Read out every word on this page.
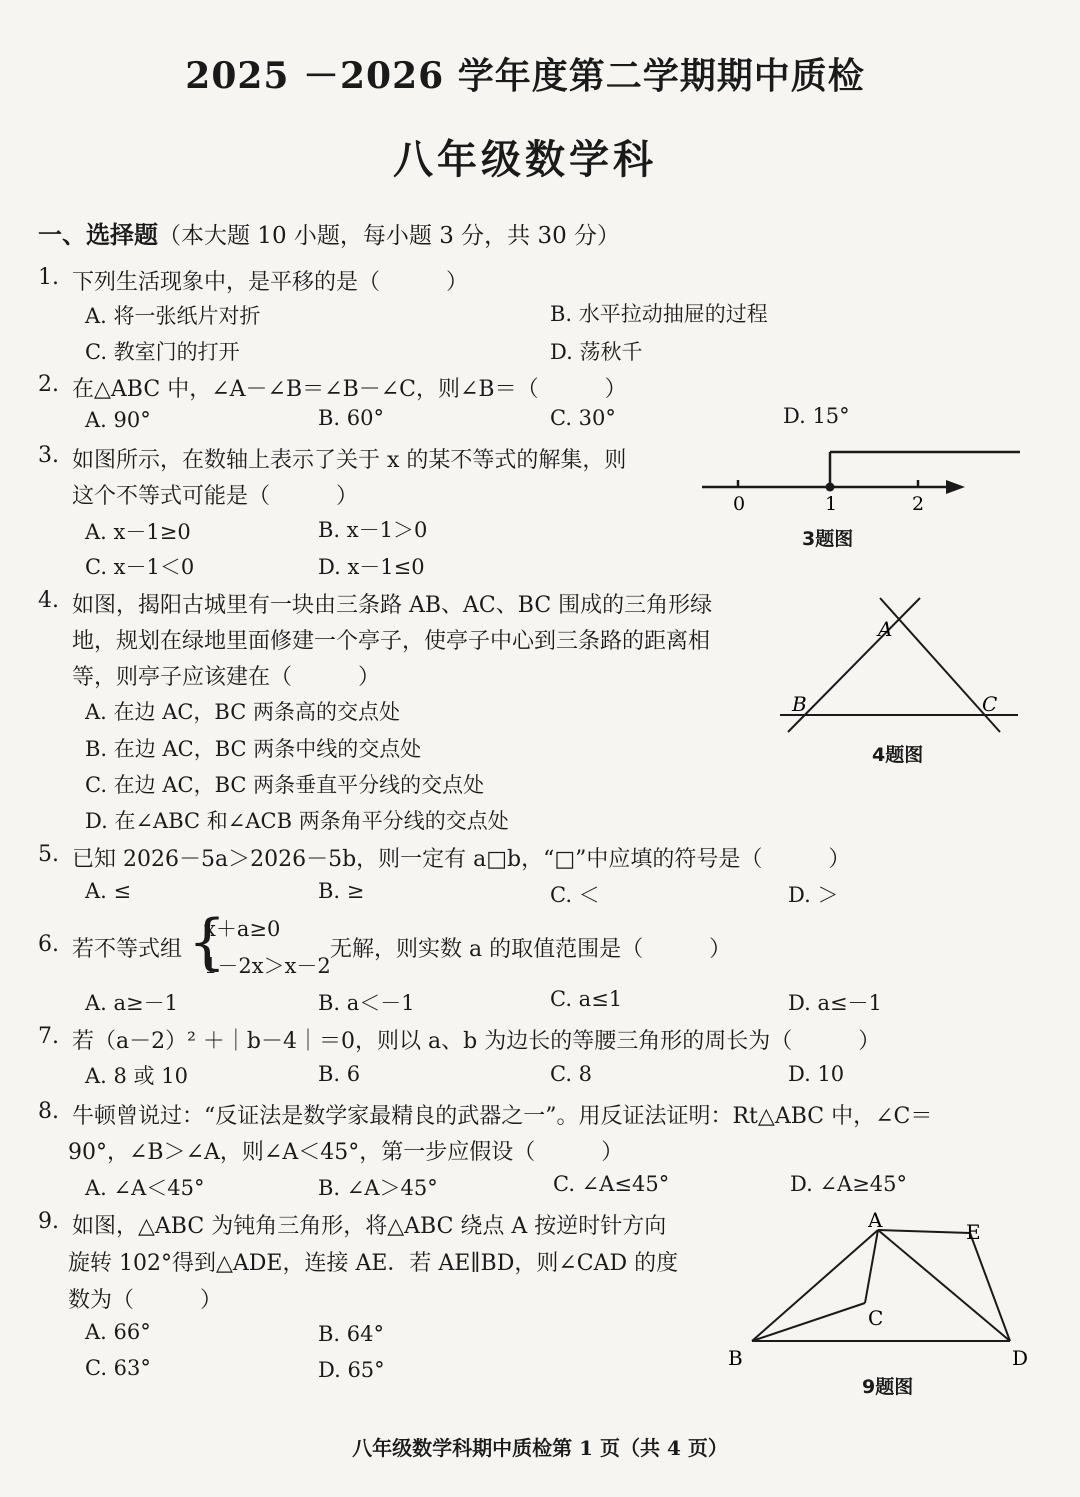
2025 －2026 学年度第二学期期中质检
八年级数学科
一、选择题（本大题 10 小题，每小题 3 分，共 30 分）
1. 下列生活现象中，是平移的是（　　　）
A. 将一张纸片对折	B. 水平拉动抽屉的过程
C. 教室门的打开	D. 荡秋千
2. 在△ABC 中，∠A－∠B＝∠B－∠C，则∠B＝（　　　）
A. 90°	B. 60°	C. 30°	D. 15°
3. 如图所示，在数轴上表示了关于 x 的某不等式的解集，则
这个不等式可能是（　　　）
A. x－1≥0	B. x－1＞0
C. x－1＜0	D. x－1≤0
0	1	2
3题图
4. 如图，揭阳古城里有一块由三条路 AB、AC、BC 围成的三角形绿
地，规划在绿地里面修建一个亭子，使亭子中心到三条路的距离相
等，则亭子应该建在（　　　）
A. 在边 AC，BC 两条高的交点处
B. 在边 AC，BC 两条中线的交点处
C. 在边 AC，BC 两条垂直平分线的交点处
D. 在∠ABC 和∠ACB 两条角平分线的交点处
A
B	C
4题图
5. 已知 2026－5a＞2026－5b，则一定有 a□b，“□”中应填的符号是（　　　）
A. ≤	B. ≥	C. ＜	D. ＞
6. 若不等式组 {
x＋a≥0
1－2x＞x－2
无解，则实数 a 的取值范围是（　　　）
A. a≥－1	B. a＜－1	C. a≤1	D. a≤－1
7. 若（a－2）² ＋｜b－4｜＝0，则以 a、b 为边长的等腰三角形的周长为（　　　）
A. 8 或 10	B. 6	C. 8	D. 10
8. 牛顿曾说过：“反证法是数学家最精良的武器之一”。用反证法证明：Rt△ABC 中，∠C＝
90°，∠B＞∠A，则∠A＜45°，第一步应假设（　　　）
A. ∠A＜45°	B. ∠A＞45°	C. ∠A≤45°	D. ∠A≥45°
9. 如图，△ABC 为钝角三角形，将△ABC 绕点 A 按逆时针方向
旋转 102°得到△ADE，连接 AE．若 AE∥BD，则∠CAD 的度
数为（　　　）
A. 66°	B. 64°
C. 63°	D. 65°
A	E
C
B	D
9题图
八年级数学科期中质检第 1 页（共 4 页）
